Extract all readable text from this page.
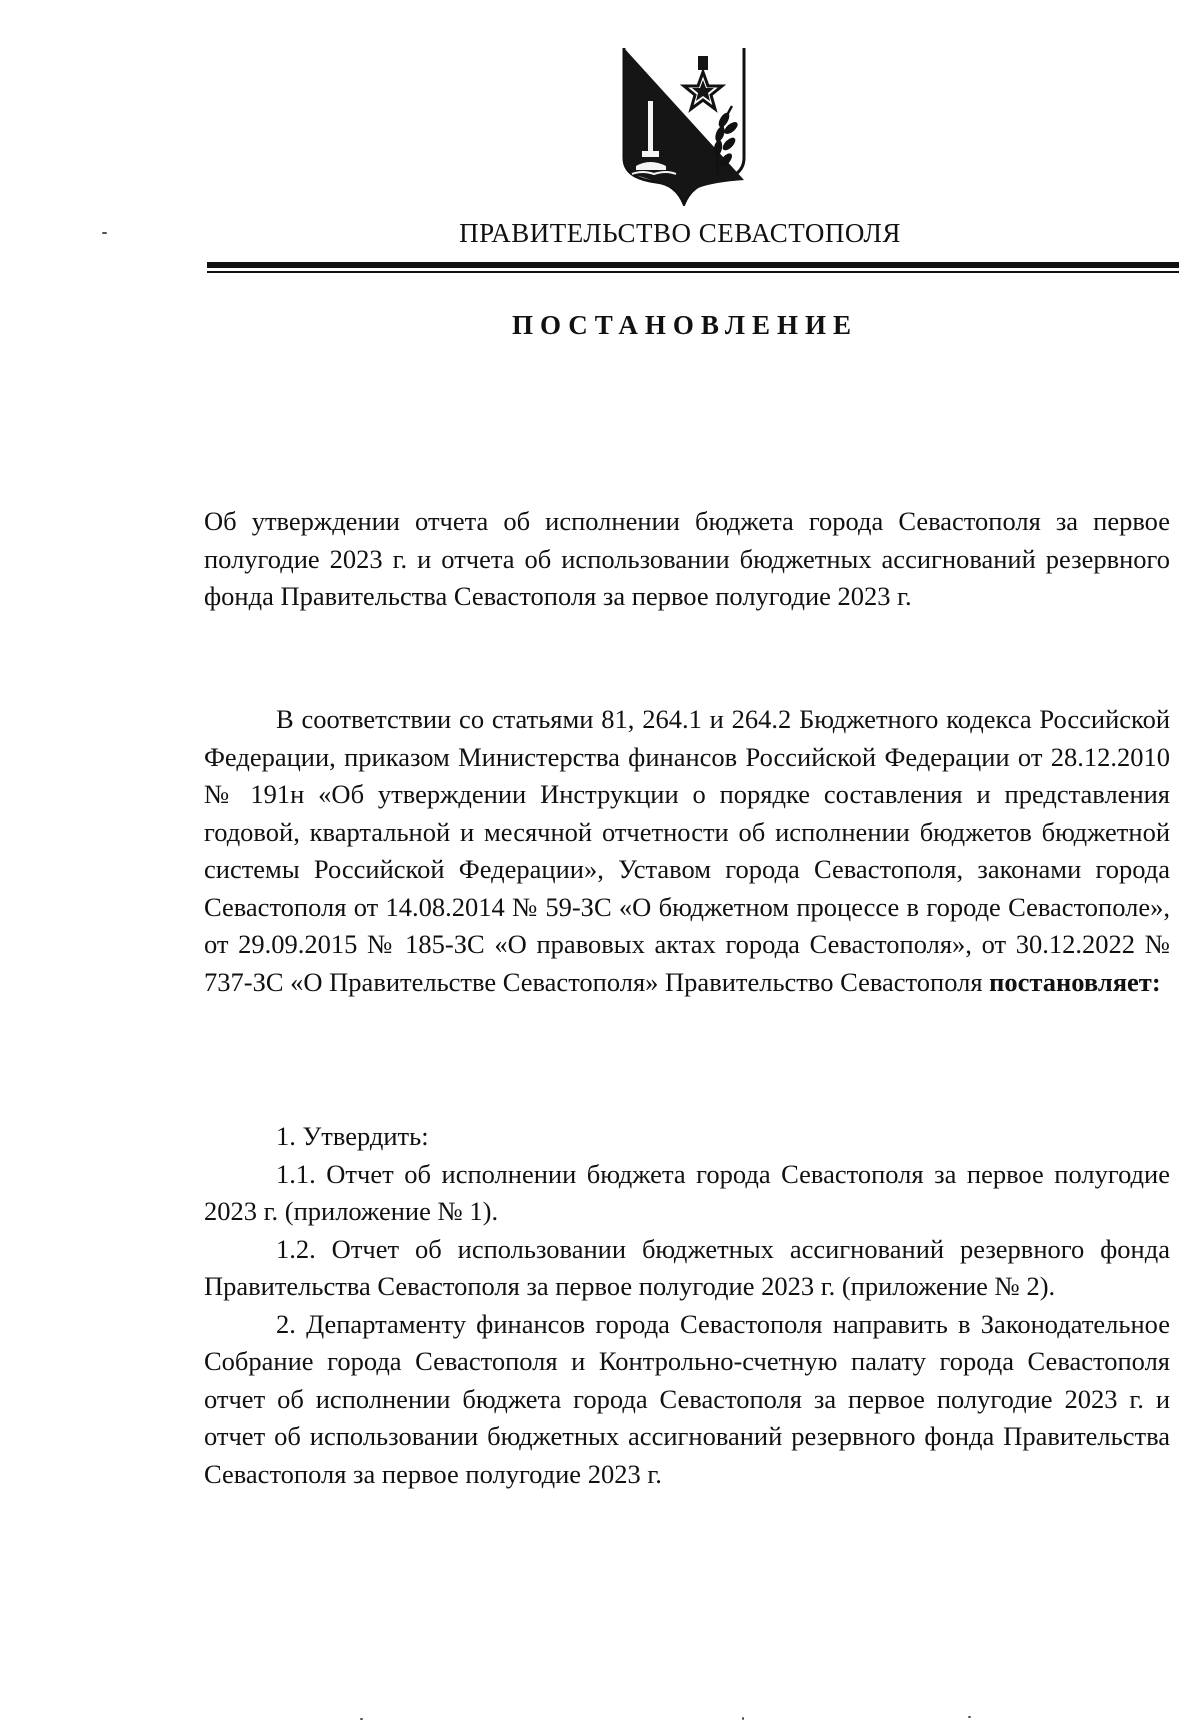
ПРАВИТЕЛЬСТВО СЕВАСТОПОЛЯ
ПОСТАНОВЛЕНИЕ
Об утверждении отчета об исполнении бюджета города Севастополя за первое полугодие 2023 г. и отчета об использовании бюджетных ассигнований резервного фонда Правительства Севастополя за первое полугодие 2023 г.
В соответствии со статьями 81, 264.1 и 264.2 Бюджетного кодекса Российской Федерации, приказом Министерства финансов Российской Федерации от 28.12.2010 № 191н «Об утверждении Инструкции о порядке составления и представления годовой, квартальной и месячной отчетности об исполнении бюджетов бюджетной системы Российской Федерации», Уставом города Севастополя, законами города Севастополя от 14.08.2014 № 59-ЗС «О бюджетном процессе в городе Севастополе», от 29.09.2015 № 185-ЗС «О правовых актах города Севастополя», от 30.12.2022 № 737-ЗС «О Правительстве Севастополя» Правительство Севастополя постановляет:

1. Утвердить:

1.1. Отчет об исполнении бюджета города Севастополя за первое полугодие 2023 г. (приложение № 1).

1.2. Отчет об использовании бюджетных ассигнований резервного фонда Правительства Севастополя за первое полугодие 2023 г. (приложение № 2).

2. Департаменту финансов города Севастополя направить в Законодательное Собрание города Севастополя и Контрольно-счетную палату города Севастополя отчет об исполнении бюджета города Севастополя за первое полугодие 2023 г. и отчет об использовании бюджетных ассигнований резервного фонда Правительства Севастополя за первое полугодие 2023 г.
